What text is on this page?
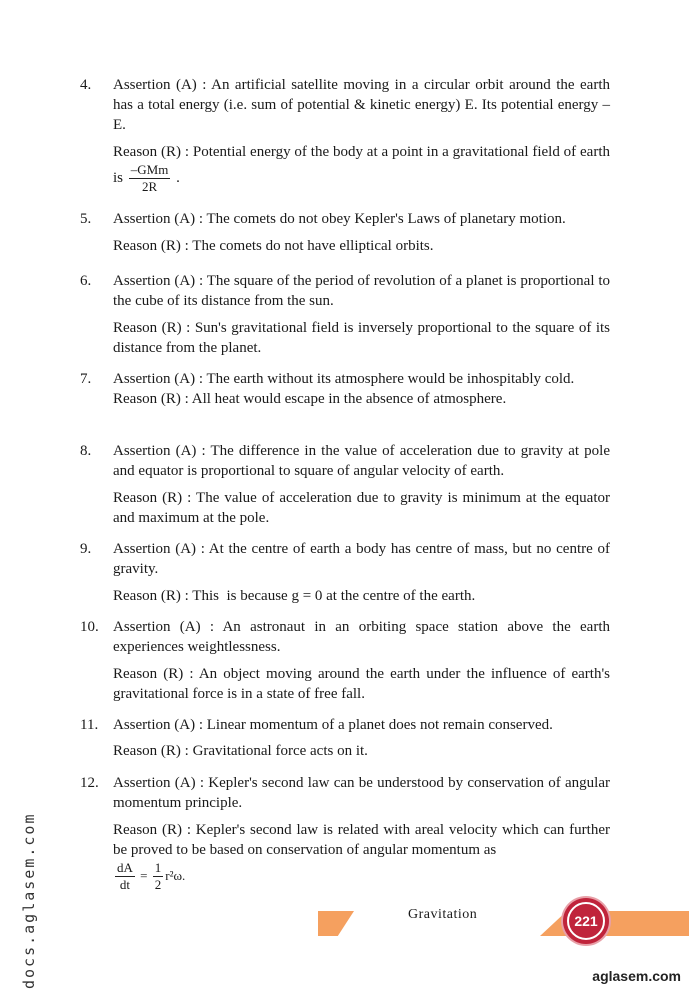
4. Assertion (A) : An artificial satellite moving in a circular orbit around the earth has a total energy (i.e. sum of potential & kinetic energy) E. Its potential energy –E.
Reason (R) : Potential energy of the body at a point in a gravitational field of earth is $\frac{\text{–GMm}}{2R}$ .
5. Assertion (A) : The comets do not obey Kepler's Laws of planetary motion.
Reason (R) : The comets do not have elliptical orbits.
6. Assertion (A) : The square of the period of revolution of a planet is proportional to the cube of its distance from the sun.
Reason (R) : Sun's gravitational field is inversely proportional to the square of its distance from the planet.
7. Assertion (A) : The earth without its atmosphere would be inhospitably cold.
Reason (R) : All heat would escape in the absence of atmosphere.
8. Assertion (A) : The difference in the value of acceleration due to gravity at pole and equator is proportional to square of angular velocity of earth.
Reason (R) : The value of acceleration due to gravity is minimum at the equator and maximum at the pole.
9. Assertion (A) : At the centre of earth a body has centre of mass, but no centre of gravity.
Reason (R) : This  is because g = 0 at the centre of the earth.
10. Assertion (A) : An astronaut in an orbiting space station above the earth experiences weightlessness.
Reason (R) : An object moving around the earth under the influence of earth's gravitational force is in a state of free fall.
11. Assertion (A) : Linear momentum of a planet does not remain conserved.
Reason (R) : Gravitational force acts on it.
12. Assertion (A) : Kepler's second law can be understood by conservation of angular momentum principle.
Reason (R) : Kepler's second law is related with areal velocity which can further be proved to be based on conservation of angular momentum as
$\frac{dA}{dt} = \frac{1}{2} r^2\omega$.
docs.aglasem.com	Gravitation	221
aglasem.com
